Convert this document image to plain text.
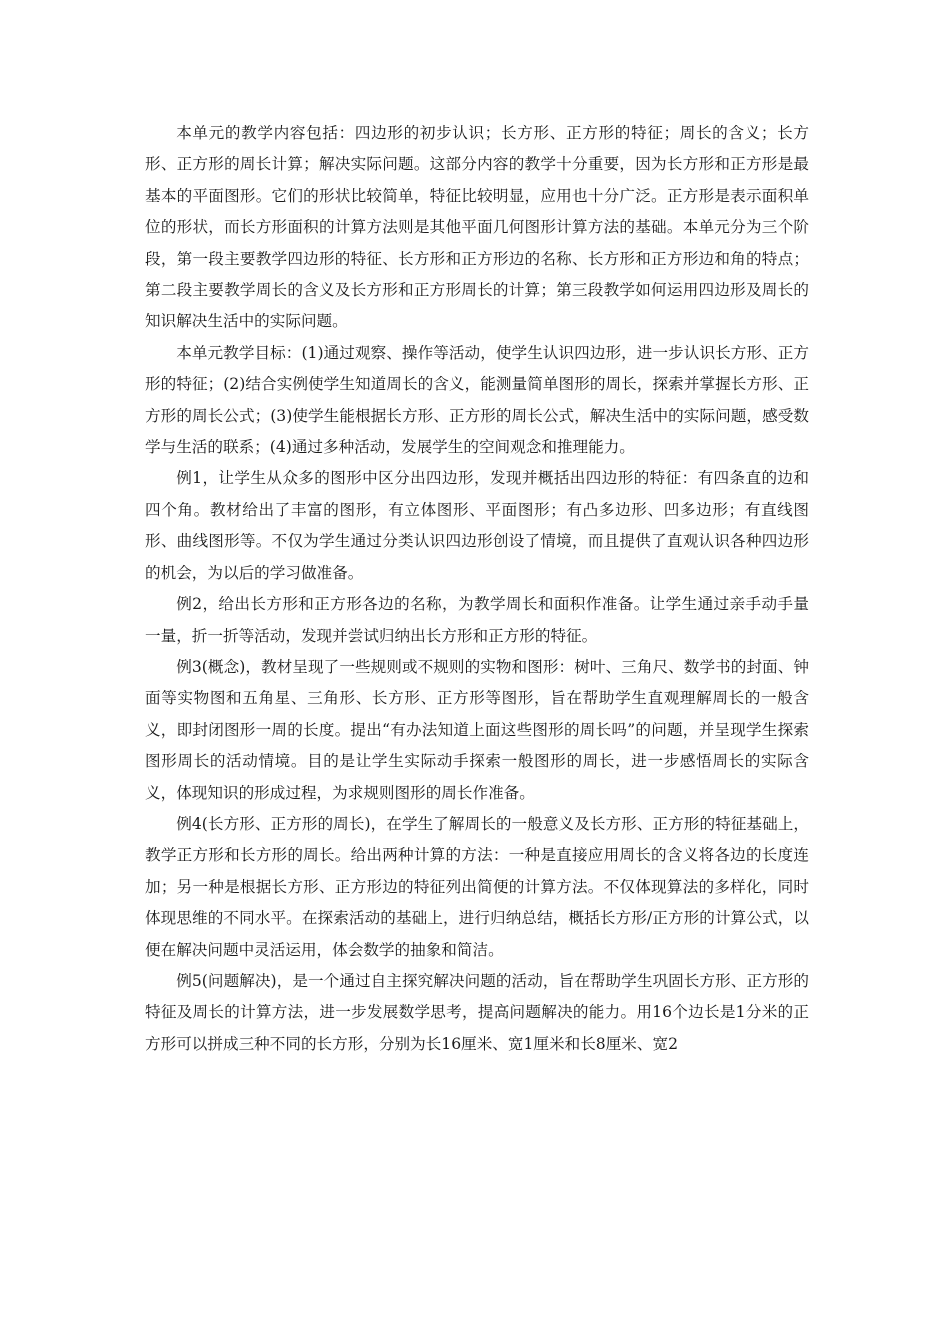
本单元的教学内容包括：四边形的初步认识；长方形、正方形的特征；周长的含义；长方形、正方形的周长计算；解决实际问题。这部分内容的教学十分重要，因为长方形和正方形是最基本的平面图形。它们的形状比较简单，特征比较明显，应用也十分广泛。正方形是表示面积单位的形状，而长方形面积的计算方法则是其他平面几何图形计算方法的基础。本单元分为三个阶段，第一段主要教学四边形的特征、长方形和正方形边的名称、长方形和正方形边和角的特点；第二段主要教学周长的含义及长方形和正方形周长的计算；第三段教学如何运用四边形及周长的知识解决生活中的实际问题。

本单元教学目标：(1)通过观察、操作等活动，使学生认识四边形，进一步认识长方形、正方形的特征；(2)结合实例使学生知道周长的含义，能测量简单图形的周长，探索并掌握长方形、正方形的周长公式；(3)使学生能根据长方形、正方形的周长公式，解决生活中的实际问题，感受数学与生活的联系；(4)通过多种活动，发展学生的空间观念和推理能力。

例1，让学生从众多的图形中区分出四边形，发现并概括出四边形的特征：有四条直的边和四个角。教材给出了丰富的图形，有立体图形、平面图形；有凸多边形、凹多边形；有直线图形、曲线图形等。不仅为学生通过分类认识四边形创设了情境，而且提供了直观认识各种四边形的机会，为以后的学习做准备。

例2，给出长方形和正方形各边的名称，为教学周长和面积作准备。让学生通过亲手动手量一量，折一折等活动，发现并尝试归纳出长方形和正方形的特征。

例3(概念)，教材呈现了一些规则或不规则的实物和图形：树叶、三角尺、数学书的封面、钟面等实物图和五角星、三角形、长方形、正方形等图形，旨在帮助学生直观理解周长的一般含义，即封闭图形一周的长度。提出“有办法知道上面这些图形的周长吗”的问题，并呈现学生探索图形周长的活动情境。目的是让学生实际动手探索一般图形的周长，进一步感悟周长的实际含义，体现知识的形成过程，为求规则图形的周长作准备。

例4(长方形、正方形的周长)，在学生了解周长的一般意义及长方形、正方形的特征基础上，教学正方形和长方形的周长。给出两种计算的方法：一种是直接应用周长的含义将各边的长度连加；另一种是根据长方形、正方形边的特征列出简便的计算方法。不仅体现算法的多样化，同时体现思维的不同水平。在探索活动的基础上，进行归纳总结，概括长方形/正方形的计算公式，以便在解决问题中灵活运用，体会数学的抽象和简洁。

例5(问题解决)，是一个通过自主探究解决问题的活动，旨在帮助学生巩固长方形、正方形的特征及周长的计算方法，进一步发展数学思考，提高问题解决的能力。用16个边长是1分米的正方形可以拼成三种不同的长方形，分别为长16厘米、宽1厘米和长8厘米、宽2
